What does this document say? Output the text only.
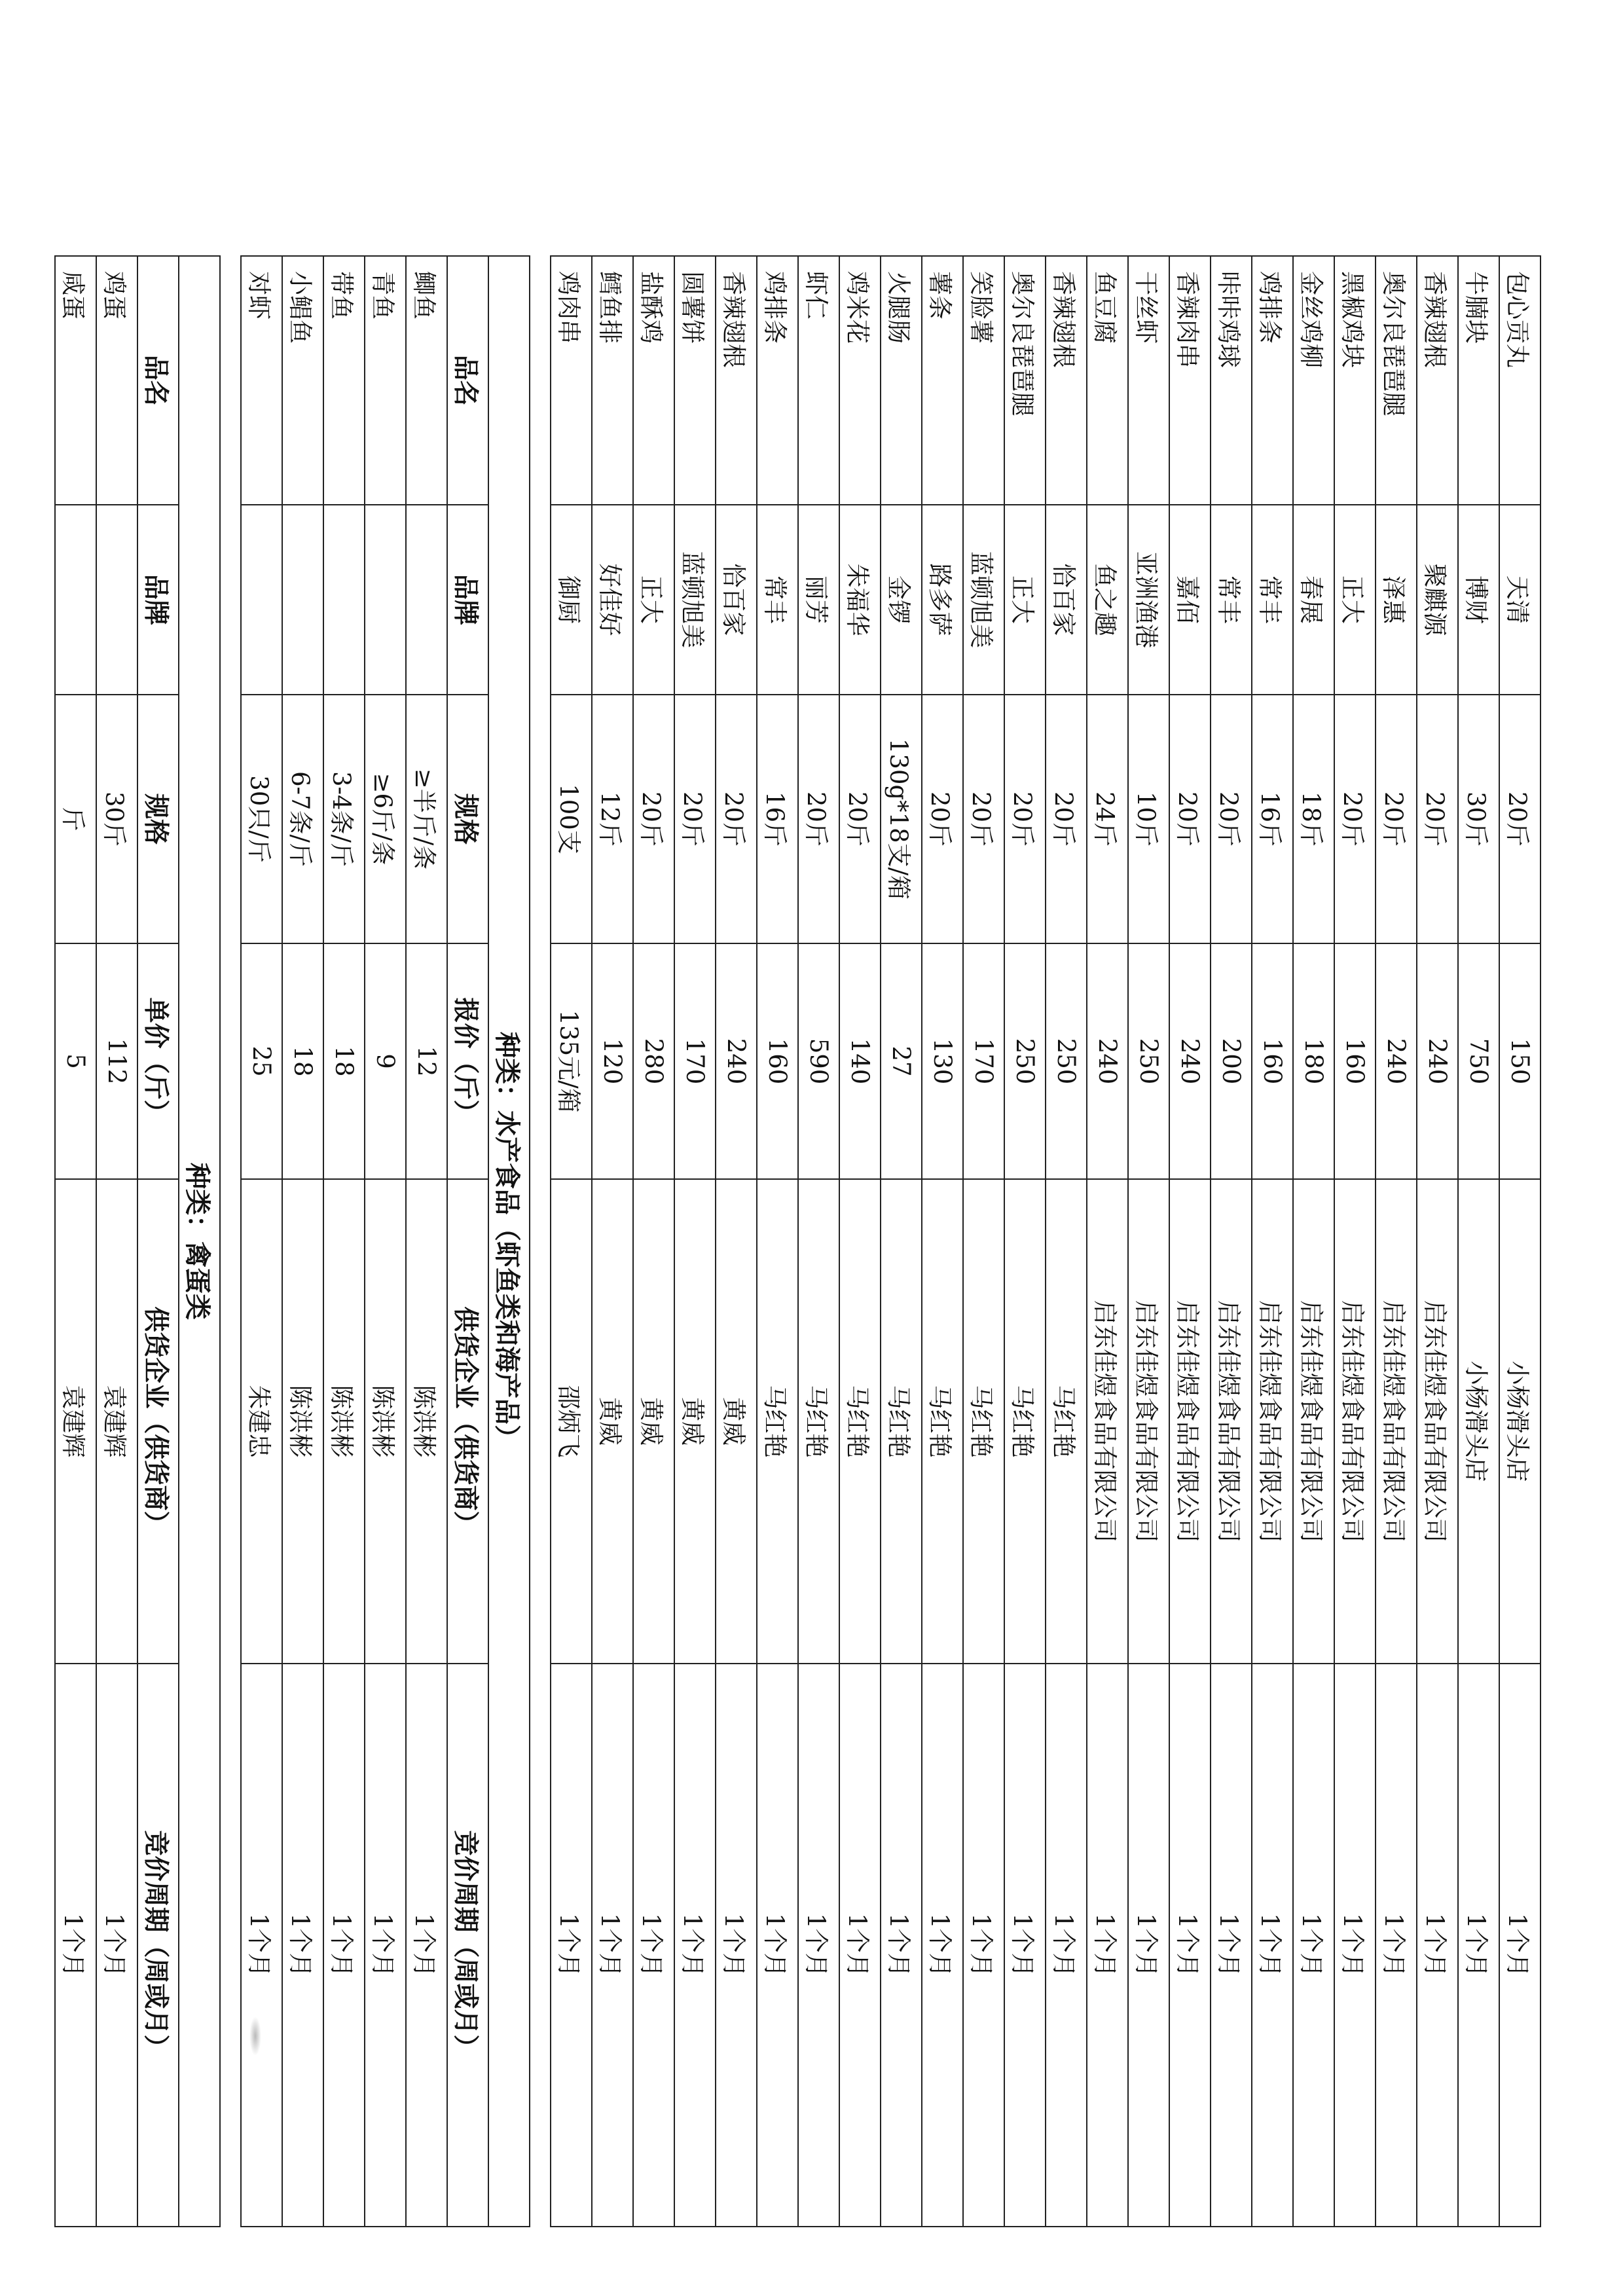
包心贡丸	天清	20斤	150	小杨滑头店	1个月
牛腩块	博财	30斤	750	小杨滑头店	1个月
香辣翅根	聚麒源	20斤	240	启东佳煜食品有限公司	1个月
奥尔良琵琶腿	泽惠	20斤	240	启东佳煜食品有限公司	1个月
黑椒鸡块	正大	20斤	160	启东佳煜食品有限公司	1个月
金丝鸡柳	春展	18斤	180	启东佳煜食品有限公司	1个月
鸡排条	常丰	16斤	160	启东佳煜食品有限公司	1个月
咔咔鸡球	常丰	20斤	200	启东佳煜食品有限公司	1个月
香辣肉串	嘉佰	20斤	240	启东佳煜食品有限公司	1个月
干丝虾	亚洲渔港	10斤	250	启东佳煜食品有限公司	1个月
鱼豆腐	鱼之趣	24斤	240	启东佳煜食品有限公司	1个月
香辣翅根	恰百家	20斤	250	马红艳	1个月
奥尔良琵琶腿	正大	20斤	250	马红艳	1个月
笑脸薯	蓝顿旭美	20斤	170	马红艳	1个月
薯条	路多萨	20斤	130	马红艳	1个月
火腿肠	金锣	130g*18支/箱	27	马红艳	1个月
鸡米花	朱福华	20斤	140	马红艳	1个月
虾仁	丽芳	20斤	590	马红艳	1个月
鸡排条	常丰	16斤	160	马红艳	1个月
香辣翅根	恰百家	20斤	240	黄威	1个月
圆薯饼	蓝顿旭美	20斤	170	黄威	1个月
盐酥鸡	正大	20斤	280	黄威	1个月
鳕鱼排	好佳好	12斤	120	黄威	1个月
鸡肉串	御厨	100支	135元/箱	邵炳飞	1个月

种类：水产食品（虾鱼类和海产品）					
品名	品牌	规格	报价（斤）	供货企业（供货商）	竞价周期（周或月）
鲫鱼		≥半斤/条	12	陈洪彬	1个月
青鱼		≥6斤/条	9	陈洪彬	1个月
带鱼		3-4条/斤	18	陈洪彬	1个月
小鲳鱼		6-7条/斤	18	陈洪彬	1个月
对虾		30只/斤	25	朱建忠	1个月

种类：禽蛋类					
品名	品牌	规格	单价（斤）	供货企业（供货商）	竞价周期（周或月）
鸡蛋		30斤	112	袁建辉	1个月
咸蛋		斤	5	袁建辉	1个月
